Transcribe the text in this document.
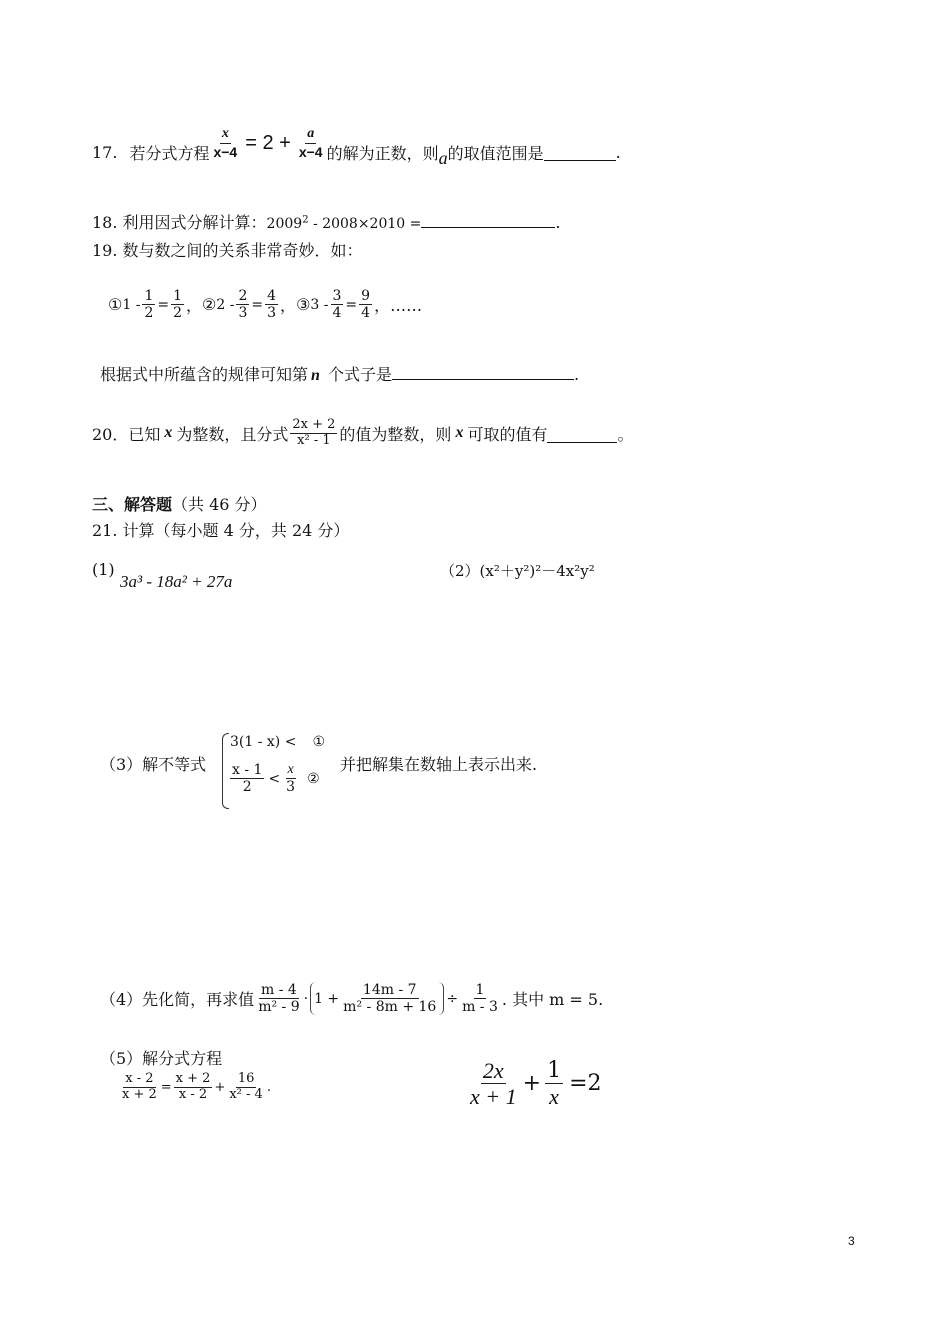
17. 若分式方程 $\frac{x}{x-4} = 2 + \frac{a}{x-4}$ 的解为正数，则 a 的取值范围是	.
18. 利用因式分解计算：2009$^2$ - 2008×2010 =	.
19. 数与数之间的关系非常奇妙．如：
① $1 - \frac{1}{2} = \frac{1}{2}$ ， ② $2 - \frac{2}{3} = \frac{4}{3}$ ， ③ $3 - \frac{3}{4} = \frac{9}{4}$ ，……
根据式中所蕴含的规律可知第 n 个式子是	.
20．已知 x 为整数，且分式 $\frac{2x + 2}{\text{x² - 1}}$ 的值为整数，则 x 可取的值有	。
三、解答题（共 46 分）
21. 计算（每小题 4 分，共 24 分）
(1)
3a³ - 18a² + 27a
（2）(x²＋y²)²－4x²y²
（3）解不等式
3(1 - x) < ①
$\frac{x - 1}{2} < \frac{x}{3}$ ②
并把解集在数轴上表示出来.
（4）先化简，再求值 $\frac{m - 4}{\text{m² - 9}} \cdot 1 + \frac{14m - 7}{\text{m² - 8m + 16}} \div \frac{1}{m - 3}$ . 其中 m = 5.
（5）解分式方程
$\frac{x - 2}{x + 2} = \frac{x + 2}{x - 2} + \frac{16}{\text{x² - 4}}$ .	$\frac{2x}{x + 1} + \frac{1}{x} =2$
3
